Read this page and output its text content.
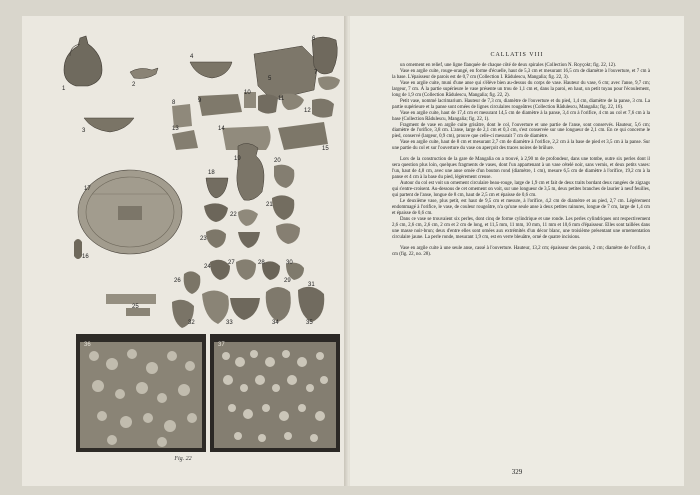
1
2
3
4
5
6
7
8	9
10
11
12
13	14
15
16
17
18
19	20
21
22
23
24
25
26
27	28
29
30
31
32	33	34	35
36	37
Fig. 22
CALLATIS VIII

un ornement en relief, une ligne flanquée de chaque côté de deux spirales (Collection N. Royçokt; fig. 22, 12).

Vase en argile cuite, rouge-orangé, en forme d'écuelle, haut de 5,3 cm et mesurant 16,5 cm de diamètre à l'ouverture, et 7 cm à la base. L'épaisseur de parois est de 0,7 cm (Collection I. Rădulescu, Mangalia; fig. 22, 3).

Vase en argile cuite, muni d'une anse qui s'élève bien au-dessus du corps de vase. Hauteur du vase, 6 cm; avec l'anse, 9,7 cm; largeur, 7 cm. À la partie supérieure le vase présente un trou de 1,1 cm et, dans la paroi, en haut, un petit tuyau pour l'écoulement, long de 1,9 cm (Collection Rădulescu, Mangalia; fig. 22, 2).

Petit vase, nommé lacrimarium. Hauteur de 7,3 cm, diamètre de l'ouverture et du pied, 1,4 cm, diamètre de la panse, 3 cm. La partie supérieure et la panse sont ornées de lignes circulaires rougeâtres (Collection Rădulescu, Mangalia; fig. 22, 16).

Vase en argile cuite, haut de 17,4 cm et mesurant 14,5 cm de diamètre à la panse, 3,4 cm à l'orifice, 4 cm au col et 7,6 cm à la base (Collection Rădulescu, Mangalia; fig. 22, 1).

Fragment de vase en argile cuite grisâtre, dont le col, l'ouverture et une partie de l'anse, sont conservés. Hauteur, 5,6 cm; diamètre de l'orifice, 3,8 cm. L'anse, large de 2,1 cm et 0,3 cm, s'est conservée sur une longueur de 2,1 cm. En ce qui concerne le pied, conservé (largeur, 0,9 cm), prouve que celle-ci mesurait 7 cm de diamètre.

Vase en argile cuite, haut de 8 cm et mesurant 2,7 cm de diamètre à l'orifice, 2,2 cm à la base de pied et 3,5 cm à la panse. Sur une partie du col et sur l'ouverture du vase on aperçoit des traces noires de brûlure.

Lors de la construction de la gare de Mangalia on a trouvé, à 2,90 m de profondeur, dans une tombe, outre six perles dont il sera question plus loin, quelques fragments de vases, dont l'un appartenant à un vase cételé noir, sans vernis, et deux petits vases: l'un, haut de 4,8 cm, avec une anse ornée d'un bouton rond (diamètre, 1 cm), mesure 6,5 cm de diamètre à l'orifice, 19,2 cm à la panse et 4 cm à la base du pied, légèrement creuse.

Autour du col est voit un ornement circulaire beau-rouge, large de 1,9 cm et fait de deux traits bordant deux rangées de zigzags qui s'entre-croisent. Au-dessous de cet ornement on voit, sur une longueur de 3,5 m, deux petites branches de laurier à neuf feuilles, qui partent de l'anse, longue de 8 cm, haut de 2,5 cm et épaisse de 0,6 cm.

Le deuxième vase, plus petit, est haut de 9,5 cm et mesure, à l'orifice, 4,2 cm de diamètre et au pied, 2,7 cm. Légèrement endommagé à l'orifice, le vase, de couleur rougeâtre, n'a qu'une seule anse à deux petites rainures, longue de 7 cm, large de 1,4 cm et épaisse de 0,6 cm.

Dans ce vase se trouvaient six perles, dont cinq de forme cylindrique et une ronde. Les perles cylindriques ont respectivement 2,6 cm, 2,6 cm, 2,6 cm, 2 cm et 2 cm de long, et 11,5 mm, 11 mm, 10 mm, 11 mm et 10,6 mm d'épaisseur. Elles sont taillées dans une masse noir-brun; deux d'entre elles sont ornées aux extrémités d'un décor blanc, une troisième présentant une ornementation circulaire jaune. La perle ronde, mesurant 1,9 cm, est en verre bleuâtre, orné de quatre incisions.

Vase en argile cuite à une seule anse, cassé à l'ouverture. Hauteur, 13,2 cm; épaisseur des parois, 2 cm; diamètre de l'orifice, 4 cm (fig. 22, no. 28).

329
